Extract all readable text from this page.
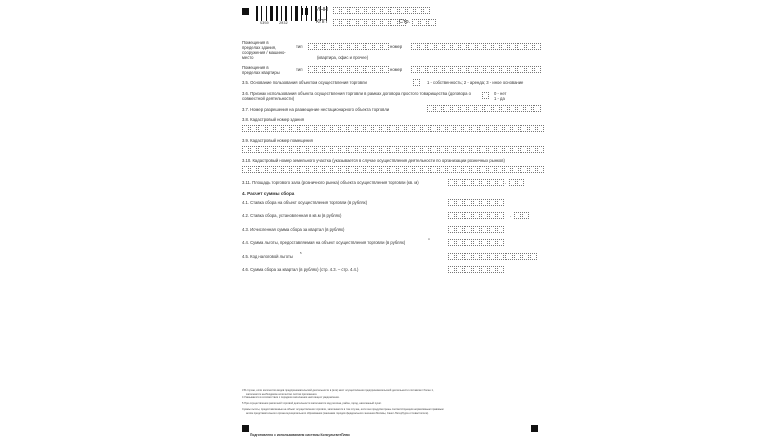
5350	2032
ИНН
КПП	Стр.
Помещения в пределах здания, сооружения / машино-место
тип	номер
(квартира, офис и прочее)
Помещения в пределах квартиры
тип	номер
3.5. Основание пользования объектом осуществления торговли	1 - собственность; 2 - аренда; 3 - иное основание
3.6. Признак использования объекта осуществления торговли в рамках договора простого товарищества (договора о совместной деятельности)
0 - нет
1 - да
3.7. Номер разрешения на размещение нестационарного объекта торговли
3.8. Кадастровый номер здания
3.9. Кадастровый номер помещения
3.10. Кадастровый номер земельного участка (указывается в случае осуществления деятельности по организации розничных рынков)
3.11. Площадь торгового зала (розничного рынка) объекта осуществления торговли (кв. м)	.
4. Расчет суммы сбора
4.1. Ставка сбора на объект осуществления торговли (в рублях)
4.2. Ставка сбора, установленная в кв.м (в рублях)	.
4.3. Исчисленная сумма сбора за квартал (в рублях)
4.4. Сумма льготы, предоставляемая на объект осуществления торговли (в рублях)
4
4.5. Код налоговой льготы
5
4.6. Сумма сбора за квартал (в рублях) (стр. 4.3. – стр. 4.4.)
3 В случае, если количество видов предпринимательской деятельности в (или) мест осуществления предпринимательской деятельности составляет более 1,
заполняется необходимое количество листов приложения.
4 Указывается в соответствии с порядком заполнения настоящего уведомления.
5 При осуществлении различной торговой деятельности заполняется код региона, район, город, населенный пункт.
Суммы льготы, предоставляемые на объект осуществления торговли, заполняются в том случае, если они предусмотрены соответствующим нормативным правовым
актом представительного органа муниципального образования (законами городов федерального значения Москвы, Санкт-Петербурга и Севастополя).
Подготовлено с использованием системы КонсультантПлюс
